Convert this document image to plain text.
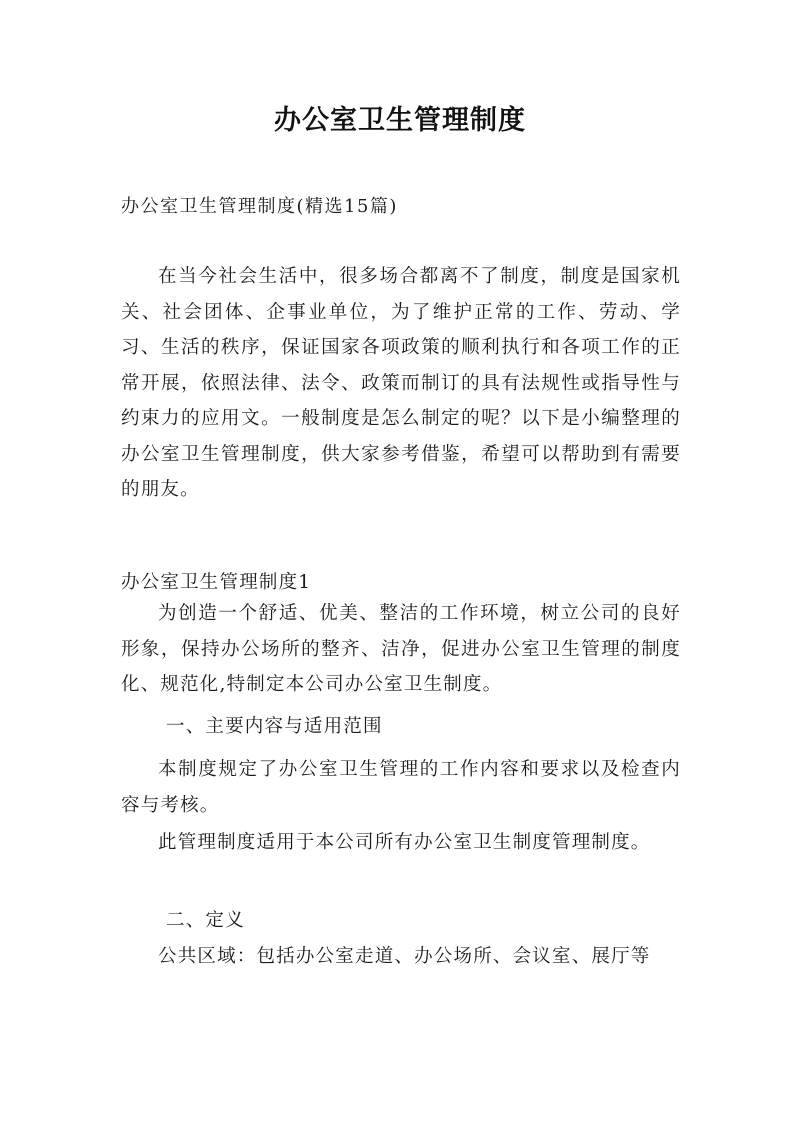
办公室卫生管理制度
办公室卫生管理制度(精选15篇)

在当今社会生活中，很多场合都离不了制度，制度是国家机关、社会团体、企事业单位，为了维护正常的工作、劳动、学习、生活的秩序，保证国家各项政策的顺利执行和各项工作的正常开展，依照法律、法令、政策而制订的具有法规性或指导性与约束力的应用文。一般制度是怎么制定的呢？以下是小编整理的办公室卫生管理制度，供大家参考借鉴，希望可以帮助到有需要的朋友。

办公室卫生管理制度1

为创造一个舒适、优美、整洁的工作环境，树立公司的良好形象，保持办公场所的整齐、洁净，促进办公室卫生管理的制度化、规范化,特制定本公司办公室卫生制度。

一、主要内容与适用范围

本制度规定了办公室卫生管理的工作内容和要求以及检查内容与考核。

此管理制度适用于本公司所有办公室卫生制度管理制度。

二、定义

公共区域：包括办公室走道、办公场所、会议室、展厅等
